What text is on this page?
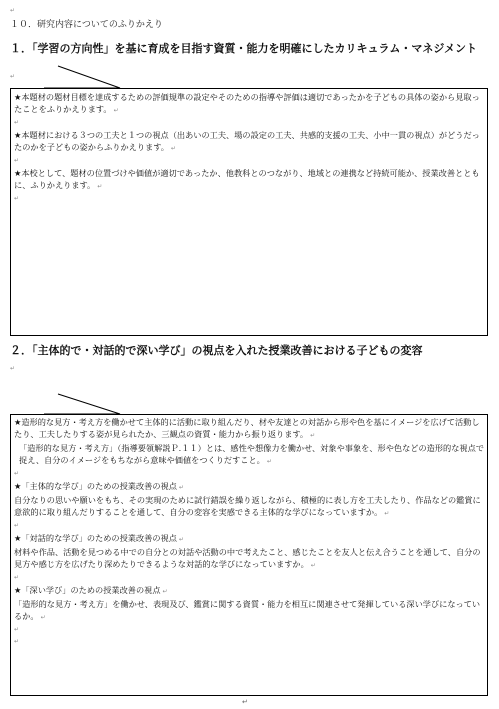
↵
１０．研究内容についてのふりかえり
１．「学習の方向性」を基に育成を目指す資質・能力を明確にしたカリキュラム・マネジメント
↵
★本題材の題材目標を達成するための評価規準の設定やそのための指導や評価は適切であったかを子どもの具体の姿から見取ったことをふりかえります。 ↵
↵
★本題材における３つの工夫と１つの視点（出あいの工夫、場の設定の工夫、共感的支援の工夫、小中一貫の視点）がどうだったのかを子どもの姿からふりかえります。 ↵
↵
★本校として、題材の位置づけや価値が適切であったか、他教科とのつながり、地域との連携など持続可能か、授業改善とともに、ふりかえります。 ↵
↵
２．「主体的で・対話的で深い学び」の視点を入れた授業改善における子どもの変容
↵
★造形的な見方・考え方を働かせて主体的に活動に取り組んだり、材や友達との対話から形や色を基にイメージを広げて活動したり、工夫したりする姿が見られたか、三観点の資質・能力から振り返ります。 ↵
「造形的な見方・考え方」（指導要領解説Ｐ.１１）とは、感性や想像力を働かせ、対象や事象を、形や色などの造形的な視点で捉え、自分のイメージをもちながら意味や価値をつくりだすこと。 ↵
↵
★「主体的な学び」のための授業改善の視点 ↵
自分なりの思いや願いをもち、その実現のために試行錯誤を繰り返しながら、積極的に表し方を工夫したり、作品などの鑑賞に意欲的に取り組んだりすることを通して、自分の変容を実感できる主体的な学びになっていますか。 ↵
↵
★「対話的な学び」のための授業改善の視点 ↵
材料や作品、活動を見つめる中での自分との対話や活動の中で考えたこと、感じたことを友人と伝え合うことを通して、自分の見方や感じ方を広げたり深めたりできるような対話的な学びになっていますか。 ↵
↵
★「深い学び」のための授業改善の視点 ↵
「造形的な見方・考え方」を働かせ、表現及び、鑑賞に関する資質・能力を相互に関連させて発揮している深い学びになっているか。 ↵
↵
↵
↵
